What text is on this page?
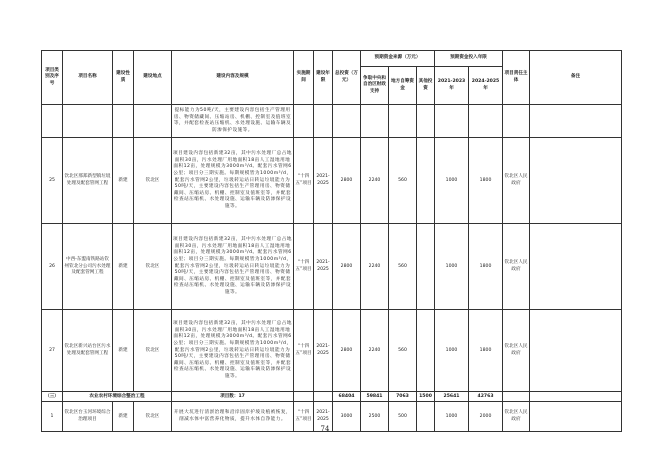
项目类别及序号	项目名称	建设性质	建设地点	建设内容及规模	实施期间	建设年限	总投资（万元）	预期资金来源（万元）			预期资金投入年限		项目责任主体	备注
								争取中央和自治区财政支持	地方自筹资金	其他投资	2021-2023年	2024-2025年		
				提标能力为50吨/天，主要建设内容包括生产管理用房、物资储藏间、压缩站房、机棚、控制室及值班室等，并配套检查站压缩机、水处理设施、运输车辆及防渗保护设施等。										
25	饮北区那郑新型镇垃圾处理及配套管网工程	新建	钦北区	项目建设内容包括新建32亩，其中污水处理厂总占地面积30亩，污水处理厂用地面积18亩人工湿地用地面积12亩，处理规模为3000m³/d。配套污水管网6公里；项目分三期实施。每期规模皆为1000m³/d，配套污水管网2公里，垃圾转运站日转运垃圾能力为50吨/天，主要建设内容包括生产管理用房、物资储藏间、压缩站房、机棚、控制室及值班室等，并配套检查站压缩机、水处理设施、运输车辆及防渗保护设施等。	“十四五”项目	2021-2025	2800	2240	560		1000	1800	钦北区人民政府	
26	中西-东盟南铁路站钦州钦北分公司污水处理及配套管网工程	新建	钦北区	项目建设内容包括新建32亩，其中污水处理厂总占地面积30亩，污水处理厂用地面积18亩人工湿地用地面积12亩，处理规模为3000m³/d。配套污水管网6公里；项目分三期实施。每期规模皆为1000m³/d，配套污水管网2公里，垃圾转运站日转运垃圾能力为50吨/天，主要建设内容包括生产管理用房、物资储藏间、压缩站房、机棚、控制室及值班室等，并配套检查站压缩机、水处理设施、运输车辆及防渗保护设施等。	“十四五”项目	2021-2025	2800	2240	560		1000	1800	钦北区人民政府	
27	钦北区新兴站台区污水处理及配套管网工程	新建	钦北区	项目建设内容包括新建32亩，其中污水处理厂总占地面积30亩，污水处理厂用地面积18亩人工湿地用地面积12亩，处理规模为3000m³/d。配套污水管网6公里；项目分三期实施。每期规模皆为1000m³/d，配套污水管网2公里，垃圾转运站日转运垃圾能力为50吨/天，主要建设内容包括生产管理用房、物资储藏间、压缩站房、机棚、控制室及值班室等，并配套检查站压缩机、水处理设施、运输车辆及防渗保护设施等。	“十四五”项目	2021-2025	2800	2240	560		1000	1800	钦北区人民政府	
（三）	农业农村环境综合整治工程			项目数：17			68404	59841	7063	1500	25641	42763		
1	钦北区台玉河环境综合治理项目	新建	钦北区	开展大坑进行清淤治理和沿岸固岸护坡及植被恢复，削减水体中富营养化物质，提升水体自净能力。	“十四五”项目	2021-2025	3000	2500	500		1000	2000	钦北区人民政府	
74
